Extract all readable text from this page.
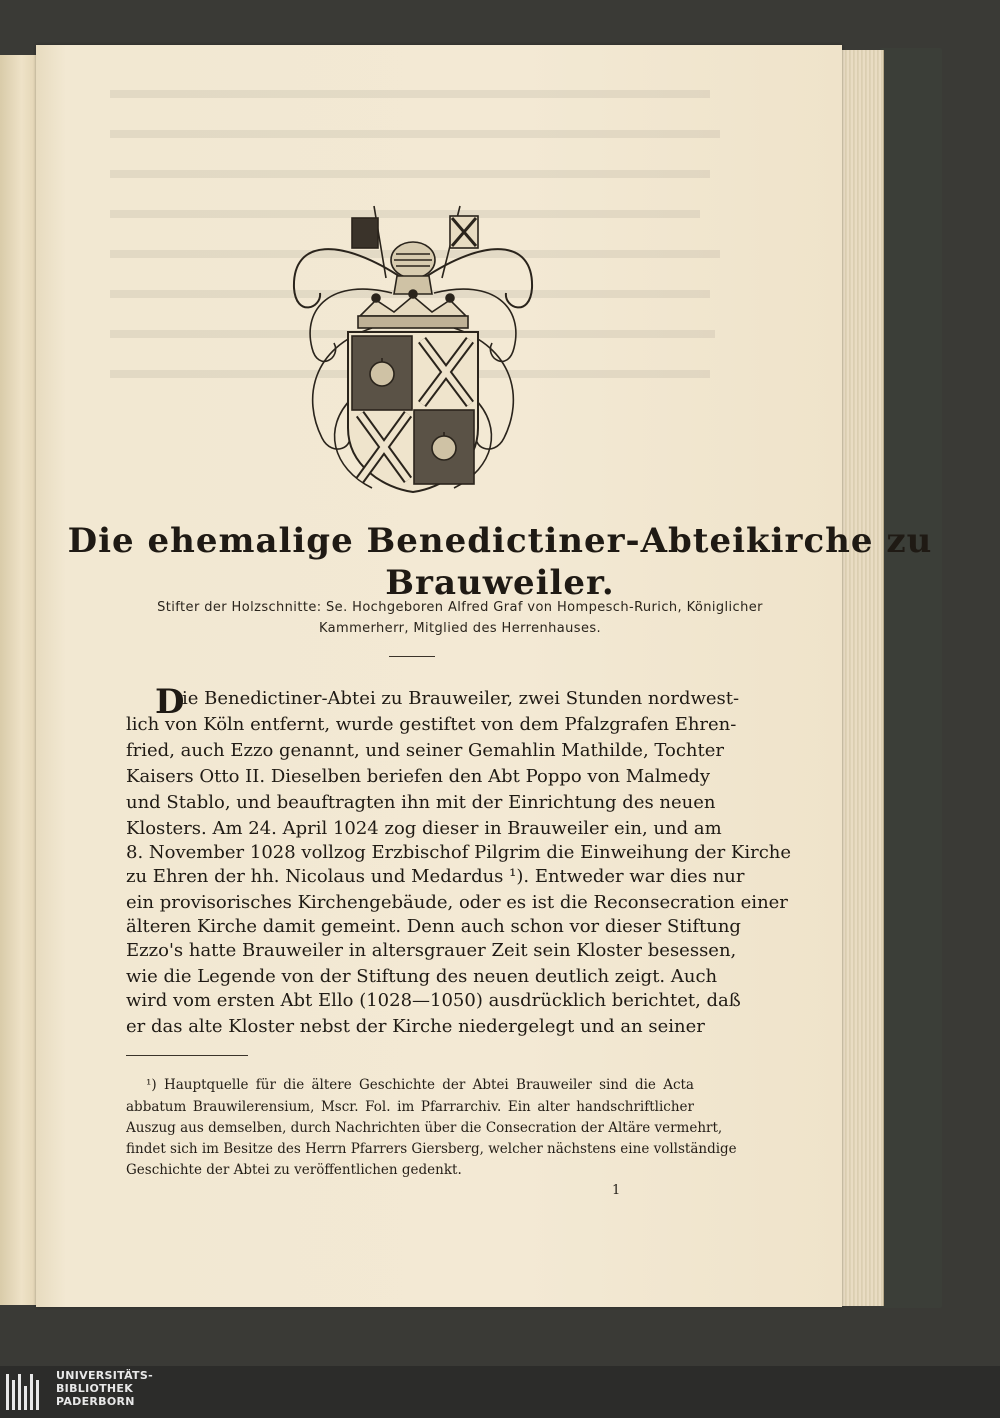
Die ehemalige Benedictiner-Abteikirche zu
Brauweiler.
Stifter der Holzschnitte: Se. Hochgeboren Alfred Graf von Hompesch-Rurich, Königlicher
Kammerherr, Mitglied des Herrenhauses.
D
ie Benedictiner-Abtei zu Brauweiler, zwei Stunden nordwest-
lich von Köln entfernt, wurde gestiftet von dem Pfalzgrafen Ehren-
fried, auch Ezzo genannt, und seiner Gemahlin Mathilde, Tochter
Kaisers Otto II. Dieselben beriefen den Abt Poppo von Malmedy
und Stablo, und beauftragten ihn mit der Einrichtung des neuen
Klosters. Am 24. April 1024 zog dieser in Brauweiler ein, und am
8. November 1028 vollzog Erzbischof Pilgrim die Einweihung der Kirche
zu Ehren der hh. Nicolaus und Medardus ¹). Entweder war dies nur
ein provisorisches Kirchengebäude, oder es ist die Reconsecration einer
älteren Kirche damit gemeint. Denn auch schon vor dieser Stiftung
Ezzo's hatte Brauweiler in altersgrauer Zeit sein Kloster besessen,
wie die Legende von der Stiftung des neuen deutlich zeigt. Auch
wird vom ersten Abt Ello (1028—1050) ausdrücklich berichtet, daß
er das alte Kloster nebst der Kirche niedergelegt und an seiner
¹) Hauptquelle für die ältere Geschichte der Abtei Brauweiler sind die Acta
abbatum Brauwilerensium, Mscr. Fol. im Pfarrarchiv. Ein alter handschriftlicher
Auszug aus demselben, durch Nachrichten über die Consecration der Altäre vermehrt,
findet sich im Besitze des Herrn Pfarrers Giersberg, welcher nächstens eine vollständige
Geschichte der Abtei zu veröffentlichen gedenkt.
1
UNIVERSITÄTS-
BIBLIOTHEK
PADERBORN
